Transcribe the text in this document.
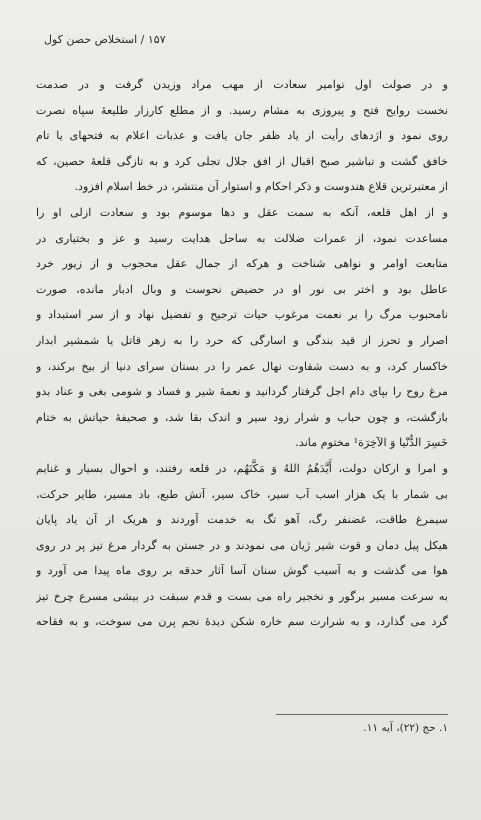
۱۵۷ / استخلاص حصن کول
و در صولت اول توامیر سعادت از مهب مراد وزیدن گرفت و در صدمت
نخست روایح فتح و پیروزی به مشام رسید. و از مطلع کارزار طلیعهٔ سپاه نصرت
روی نمود و اژدهای رأیت از یاد ظفر جان یافت و عذبات اعلام به فتحهای یا تام
خافق گشت و تباشیر صبح اقبال از افق جلال تجلی کرد و به تازگی قلعهٔ حصین، که
از معتبرترین قلاع هندوست و ذکر احکام و استوار آن منتشر، در خط اسلام افزود.
و از اهل قلعه، آنکه به سمت عقل و دها موسوم بود و سعادت ازلی او را
مساعدت نمود، از عمرات ضلالت به ساحل هدایت رسید و عز و بختیاری در
متابعت اوامر و نواهی شناخت و هرکه از جمال عقل محجوب و از زیور خرد
عاطل بود و اختر بی نور او در حضیض نحوست و وبال ادبار مانده، صورت
نامحبوب مرگ را بر نعمت مرغوب حیات ترجیح و تفضیل نهاد و از سر استبداد و
اصرار و تحرز از قید بندگی و اسارگی که حرد را به زهر قاتل یا شمشیر ابدار
خاکسار کرد، و به دست شقاوت نهال عمر را در بستان سرای دنیا از بیخ برکند، و
مرغ روح را بپای دام اجل گرفتار گردانید و نعمهٔ شیر و فساد و شومی بغی و عناد بدو
بازگشت، و چون حباب و شرار زود سیر و اندک بقا شد، و صحیفهٔ حیاتش به ختام
خَسِرَ الدُّنْیا وَ الآخِرَة¹ مختوم ماند.
و امرا و ارکان دولت، أَیَّدَهُمُ اللهُ وَ مَکَّنَهُم، در قلعه رفتند، و احوال بسیار و غنایم
بی شمار با یک هزار اسب آب سیر، خاک سیر، آتش طبع، باد مسیر، طایر حرکت،
سیمرغ طاقت، غضنفر رگ، آهو تگ به خدمت آوردند و هریک از آن یاد پایان
هیکل پیل دمان و قوت شیر ژیان می نمودند و در جستن به گردار مرغ تیز پر در روی
هوا می گذشت و به آسیب گوش سنان آسا آثار حدقه بر روی ماه پیدا می آورد و
به سرعت مسیر برگور و نخجیر راه می بست و قدم سبقت در بیشی مسرع چرخ تیز
گرد می گذارد، و به شرارت سم خاره شکن دیدهٔ نجم پرن می سوخت، و به فقاحه
۱. حج (۲۲)، آیه ۱۱.
